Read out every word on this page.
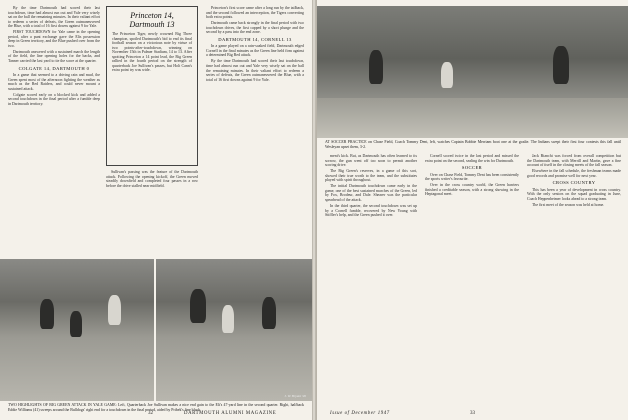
By the time Dartmouth had scored their last touchdown, time had almost run out and Yale very wisely sat on the ball the remaining minutes. In their valiant effort to redeem a series of defeats, the Green outmaneuvered the Blue, with a total of 16 first downs against 9 for Yale.

FIRST TOUCHDOWN for Yale came in the opening period, after a punt exchange gave the Elis possession deep in Green territory, and the Blue pushed over from the two.

Dartmouth answered with a sustained march the length of the field, the line opening holes for the backs, and Tanner carried the last yard to tie the score at the quarter.

COLGATE 14, DARTMOUTH 0

In a game that seemed to a driving rain and mud, the Green spent most of the afternoon fighting the weather as much as the Red Raiders, and could never mount a sustained attack.

Colgate scored early on a blocked kick and added a second touchdown in the final period after a fumble deep in Dartmouth territory.

Princeton 14, Dartmouth 13
The Princeton Tiger, newly crowned Big Three champion, spoiled Dartmouth's bid to end its final football season on a victorious note by virtue of two points-after-touchdown, winning on November 15th in Palmer Stadium, 14 to 13. After spotting Princeton a 14 point lead, the Big Green rallied in the fourth period on the strength of quarterback Joe Sullivan's passes, but Holt Cann's extra point try was wide.

Sullivan's passing was the feature of the Dartmouth attack. Following the opening kickoff, the Green moved steadily downfield and completed four passes in a row before the drive stalled near midfield.

Princeton's first score came after a long run by the tailback, and the second followed an interception, the Tigers converting both extra points.

Dartmouth came back strongly in the final period with two touchdown drives, the first capped by a short plunge and the second by a pass into the end zone.

DARTMOUTH 14, CORNELL 13

In a game played on a rain-soaked field, Dartmouth edged Cornell in the final minutes as the Green line held firm against a determined Big Red attack.

By the time Dartmouth had scored their last touchdown, time had almost run out and Yale very wisely sat on the ball the remaining minutes. In their valiant effort to redeem a series of defeats, the Green outmaneuvered the Blue, with a total of 16 first downs against 9 for Yale.

J. W. Bryant '26
TWO HIGHLIGHTS OF BIG GREEN ATTACK IN YALE GAME: Left, Quarterback Joe Sullivan makes a nice end gain to the Eli's 47-yard line in the second quarter. Right, halfback Eddie Williams (41) sweeps around the Bulldogs' right end for a touchdown in the final period, aided by Pribek's fine block.
AT SOCCER PRACTICE on Chase Field, Coach Tommy Dent, left, watches Captain Bobbie Merriam boot one at the goalie. The Indians swept their first four contests this fall until Wesleyan upset them, 3-2.

ment's kick. But, as Dartmouth has often learned to its sorrow, the gun went off too soon to permit another scoring drive.

The Big Green's reserves, in a game of this sort, showed their true worth to the team, and the substitutes played with spirit throughout.

The initial Dartmouth touchdown came early in the game, one of the best sustained marches of the Green, led by Fox, Brodeur, and Dale. Shearer was the particular spearhead of the attack.

In the third quarter, the second touchdown was set up by a Cornell fumble, recovered by New Young with Stiffler's help, and the Green pushed it over.

Cornell scored twice in the last period and missed the extra point on the second, sealing the win for Dartmouth.

SOCCER

Over on Chase Field, Tommy Dent has been consistently the sports writer's favourite.

Over in the cross country world, the Green harriers finished a creditable season, with a strong showing in the Heptagonal meet.

Jack Bianchi was forced from overall competition but the Dartmouth team, with Merrill and Martin, gave a fine account of itself in the closing meets of the fall season.

Elsewhere in the fall schedule, the freshman teams made good records and promise well for next year.

CROSS COUNTRY

This has been a year of development in cross country. With the only seniors on the squad graduating in June, Coach Heppenheimer looks ahead to a strong team.

The first meet of the season was held at home.

32	DARTMOUTH ALUMNI MAGAZINE	Issue of December 1947	33
